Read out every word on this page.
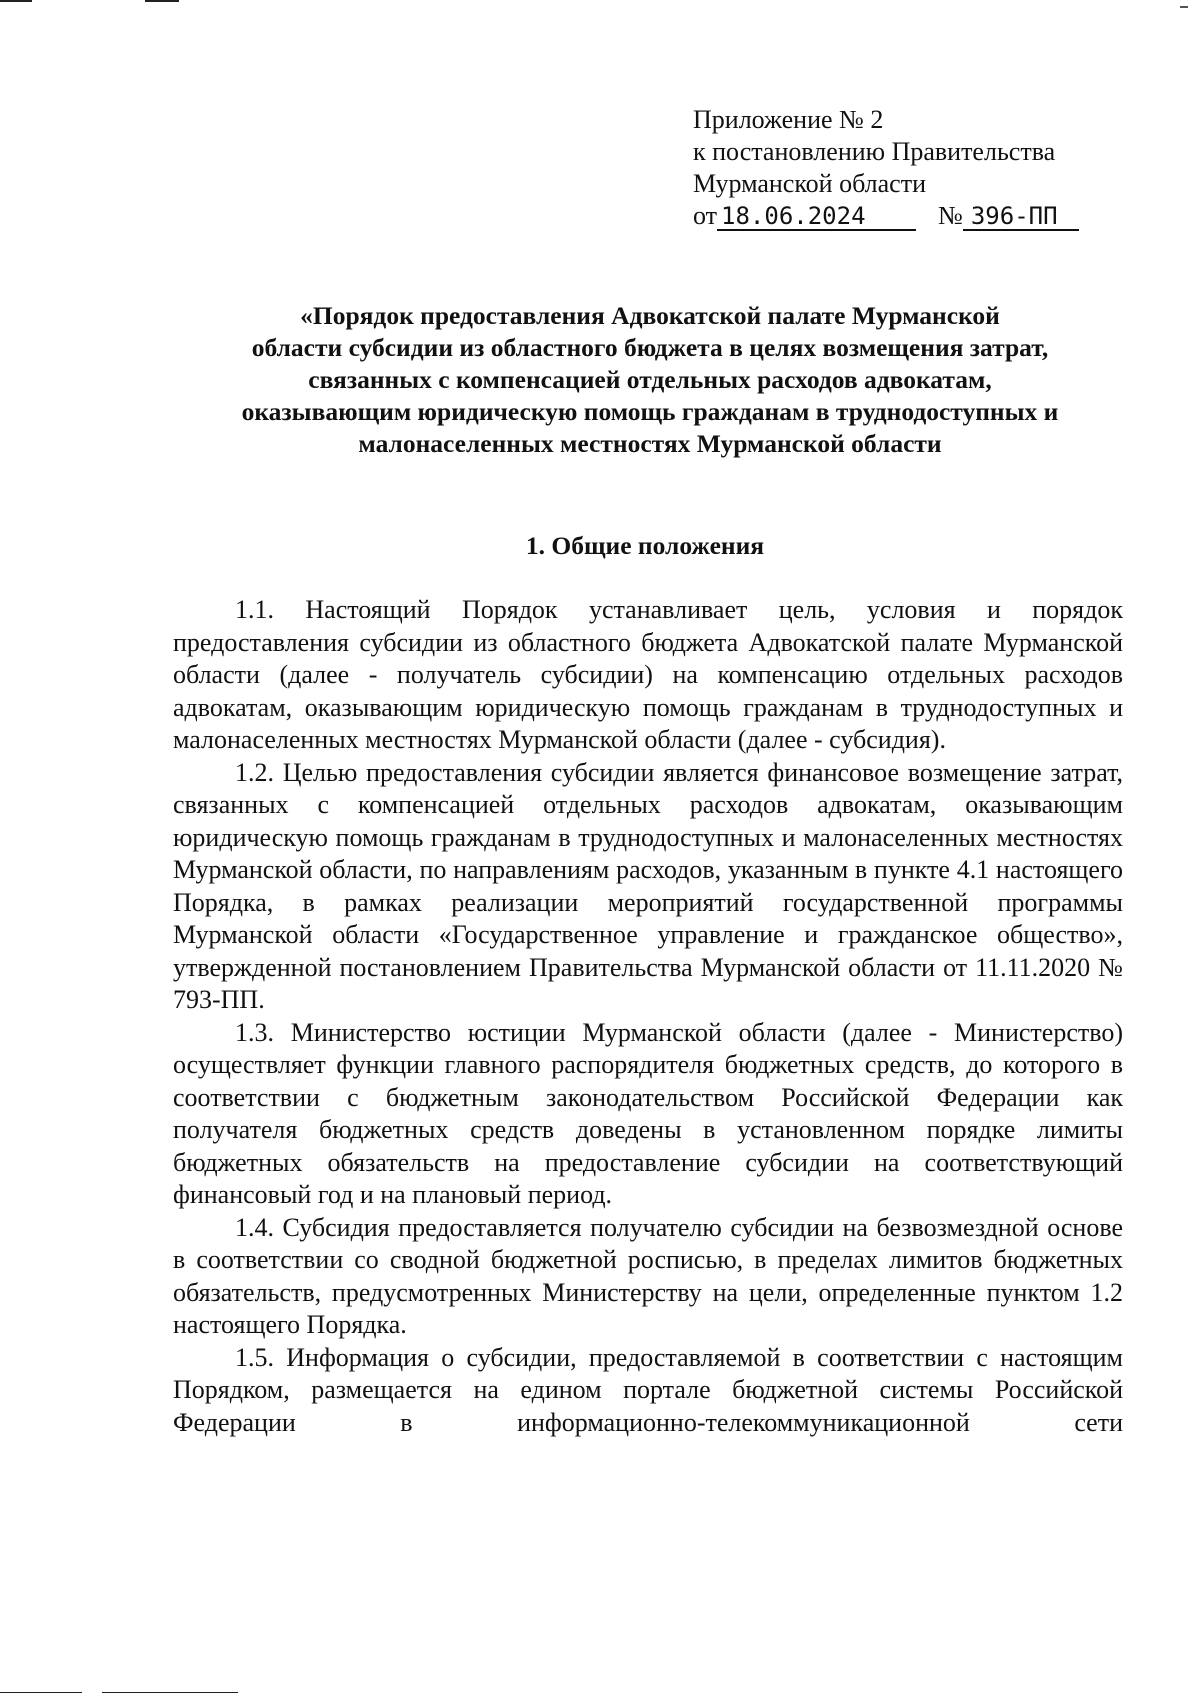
Приложение № 2
к постановлению Правительства
Мурманской области
от 18.06.2024	№ 396-ПП
«Порядок предоставления Адвокатской палате Мурманской
области субсидии из областного бюджета в целях возмещения затрат,
связанных с компенсацией отдельных расходов адвокатам,
оказывающим юридическую помощь гражданам в труднодоступных и
малонаселенных местностях Мурманской области
1. Общие положения

1.1. Настоящий Порядок устанавливает цель, условия и порядок предоставления субсидии из областного бюджета Адвокатской палате Мурманской области (далее - получатель субсидии) на компенсацию отдельных расходов адвокатам, оказывающим юридическую помощь гражданам в труднодоступных и малонаселенных местностях Мурманской области (далее - субсидия).

1.2. Целью предоставления субсидии является финансовое возмещение затрат, связанных с компенсацией отдельных расходов адвокатам, оказывающим юридическую помощь гражданам в труднодоступных и малонаселенных местностях Мурманской области, по направлениям расходов, указанным в пункте 4.1 настоящего Порядка, в рамках реализации мероприятий государственной программы Мурманской области «Государственное управление и гражданское общество», утвержденной постановлением Правительства Мурманской области от 11.11.2020 № 793-ПП.

1.3. Министерство юстиции Мурманской области (далее - Министерство) осуществляет функции главного распорядителя бюджетных средств, до которого в соответствии с бюджетным законодательством Российской Федерации как получателя бюджетных средств доведены в установленном порядке лимиты бюджетных обязательств на предоставление субсидии на соответствующий финансовый год и на плановый период.

1.4. Субсидия предоставляется получателю субсидии на безвозмездной основе в соответствии со сводной бюджетной росписью, в пределах лимитов бюджетных обязательств, предусмотренных Министерству на цели, определенные пунктом 1.2 настоящего Порядка.

1.5. Информация о субсидии, предоставляемой в соответствии с настоящим Порядком, размещается на едином портале бюджетной системы Российской Федерации в информационно-телекоммуникационной сети
